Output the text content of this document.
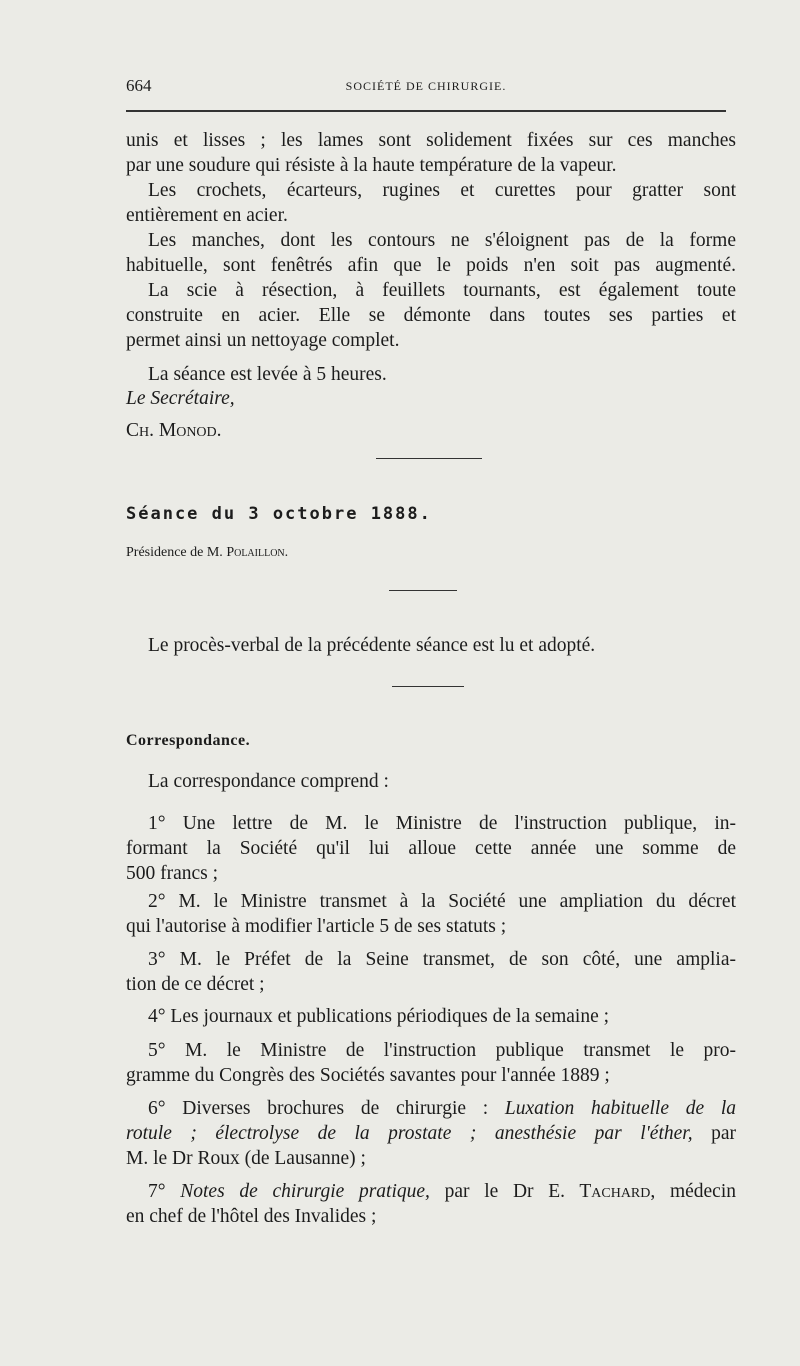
664	SOCIÉTÉ DE CHIRURGIE.
unis et lisses ; les lames sont solidement fixées sur ces manches
par une soudure qui résiste à la haute température de la vapeur.
Les crochets, écarteurs, rugines et curettes pour gratter sont
entièrement en acier.
Les manches, dont les contours ne s'éloignent pas de la forme
habituelle, sont fenêtrés afin que le poids n'en soit pas augmenté.
La scie à résection, à feuillets tournants, est également toute
construite en acier. Elle se démonte dans toutes ses parties et
permet ainsi un nettoyage complet.
La séance est levée à 5 heures.
Le Secrétaire,
Ch. Monod.
Séance du 3 octobre 1888.
Présidence de M. Polaillon.
Le procès-verbal de la précédente séance est lu et adopté.
Correspondance.
La correspondance comprend :
1° Une lettre de M. le Ministre de l'instruction publique, in-
formant la Société qu'il lui alloue cette année une somme de
500 francs ;
2° M. le Ministre transmet à la Société une ampliation du décret
qui l'autorise à modifier l'article 5 de ses statuts ;
3° M. le Préfet de la Seine transmet, de son côté, une amplia-
tion de ce décret ;
4° Les journaux et publications périodiques de la semaine ;
5° M. le Ministre de l'instruction publique transmet le pro-
gramme du Congrès des Sociétés savantes pour l'année 1889 ;
6° Diverses brochures de chirurgie : Luxation habituelle de la
rotule ; électrolyse de la prostate ; anesthésie par l'éther, par
M. le Dr Roux (de Lausanne) ;
7° Notes de chirurgie pratique, par le Dr E. Tachard, médecin
en chef de l'hôtel des Invalides ;
